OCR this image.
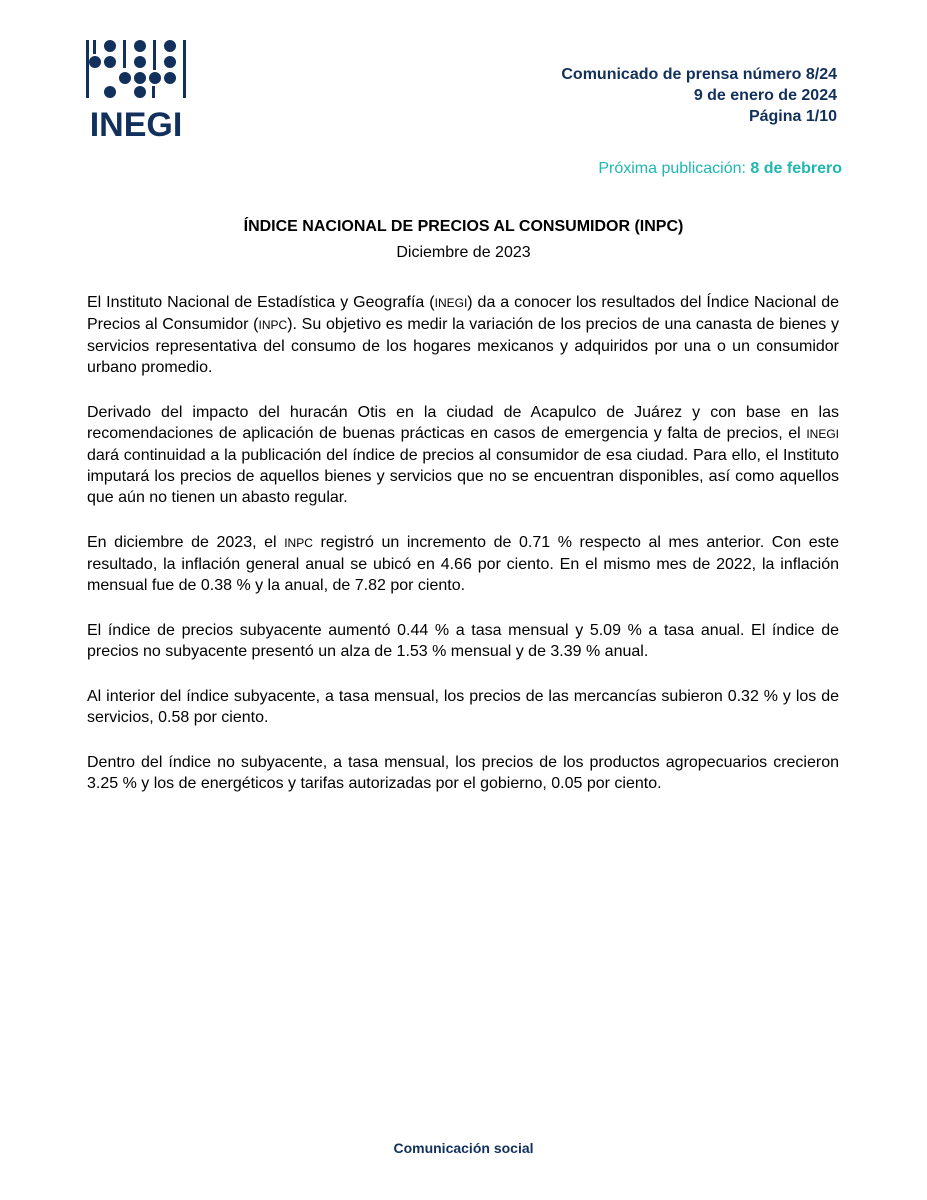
INEGI
Comunicado de prensa número 8/24
9 de enero de 2024
Página 1/10
Próxima publicación: 8 de febrero
ÍNDICE NACIONAL DE PRECIOS AL CONSUMIDOR (INPC)
Diciembre de 2023

El Instituto Nacional de Estadística y Geografía (INEGI) da a conocer los resultados del Índice Nacional de Precios al Consumidor (INPC). Su objetivo es medir la variación de los precios de una canasta de bienes y servicios representativa del consumo de los hogares mexicanos y adquiridos por una o un consumidor urbano promedio.

Derivado del impacto del huracán Otis en la ciudad de Acapulco de Juárez y con base en las recomendaciones de aplicación de buenas prácticas en casos de emergencia y falta de precios, el INEGI dará continuidad a la publicación del índice de precios al consumidor de esa ciudad. Para ello, el Instituto imputará los precios de aquellos bienes y servicios que no se encuentran disponibles, así como aquellos que aún no tienen un abasto regular.

En diciembre de 2023, el INPC registró un incremento de 0.71 % respecto al mes anterior. Con este resultado, la inflación general anual se ubicó en 4.66 por ciento. En el mismo mes de 2022, la inflación mensual fue de 0.38 % y la anual, de 7.82 por ciento.

El índice de precios subyacente aumentó 0.44 % a tasa mensual y 5.09 % a tasa anual. El índice de precios no subyacente presentó un alza de 1.53 % mensual y de 3.39 % anual.

Al interior del índice subyacente, a tasa mensual, los precios de las mercancías subieron 0.32 % y los de servicios, 0.58 por ciento.

Dentro del índice no subyacente, a tasa mensual, los precios de los productos agropecuarios crecieron 3.25 % y los de energéticos y tarifas autorizadas por el gobierno, 0.05 por ciento.

Comunicación social
